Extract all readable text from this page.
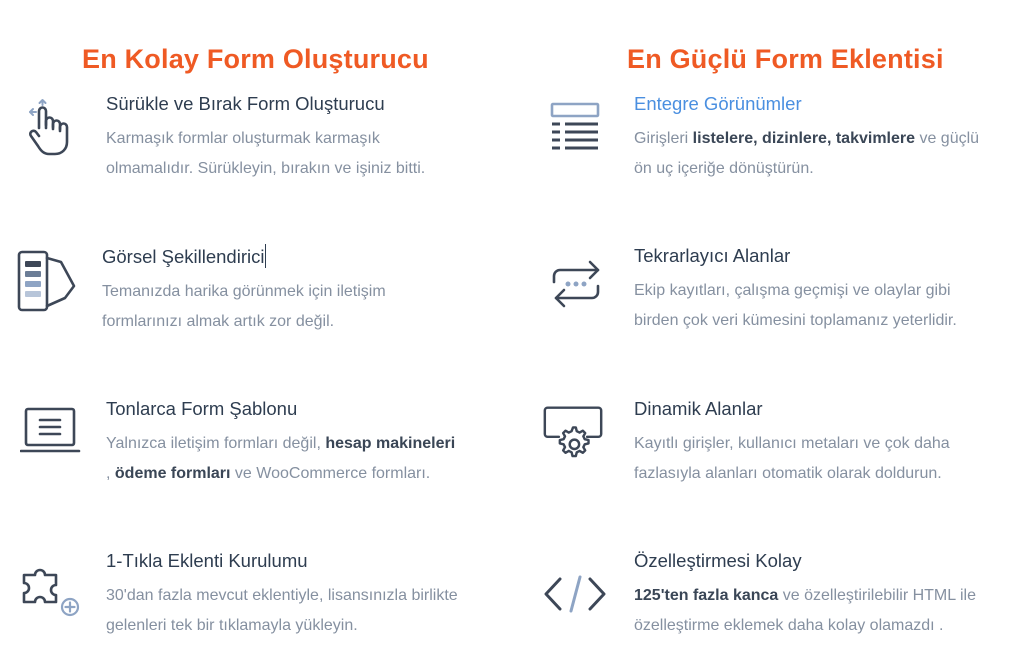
En Kolay Form Oluşturucu	En Güçlü Form Eklentisi
Sürükle ve Bırak Form Oluşturucu

Karmaşık formlar oluşturmak karmaşık
olmamalıdır. Sürükleyin, bırakın ve işiniz bitti.

Görsel Şekillendirici

Temanızda harika görünmek için iletişim
formlarınızı almak artık zor değil.

Tonlarca Form Şablonu

Yalnızca iletişim formları değil, hesap makineleri
, ödeme formları ve WooCommerce formları.

1-Tıkla Eklenti Kurulumu

30'dan fazla mevcut eklentiyle, lisansınızla birlikte
gelenleri tek bir tıklamayla yükleyin.

Entegre Görünümler

Girişleri listelere, dizinlere, takvimlere ve güçlü
ön uç içeriğe dönüştürün.

Tekrarlayıcı Alanlar

Ekip kayıtları, çalışma geçmişi ve olaylar gibi
birden çok veri kümesini toplamanız yeterlidir.

Dinamik Alanlar

Kayıtlı girişler, kullanıcı metaları ve çok daha
fazlasıyla alanları otomatik olarak doldurun.

Özelleştirmesi Kolay

125'ten fazla kanca ve özelleştirilebilir HTML ile
özelleştirme eklemek daha kolay olamazdı .
